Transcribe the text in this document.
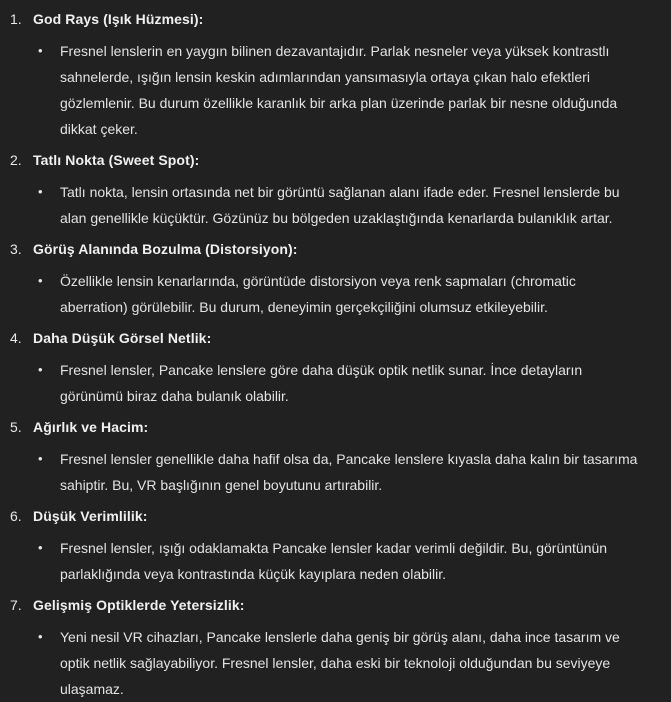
1. God Rays (Işık Hüzmesi):
•	Fresnel lenslerin en yaygın bilinen dezavantajıdır. Parlak nesneler veya yüksek kontrastlı sahnelerde, ışığın lensin keskin adımlarından yansımasıyla ortaya çıkan halo efektleri gözlemlenir. Bu durum özellikle karanlık bir arka plan üzerinde parlak bir nesne olduğunda dikkat çeker.
2. Tatlı Nokta (Sweet Spot):
•	Tatlı nokta, lensin ortasında net bir görüntü sağlanan alanı ifade eder. Fresnel lenslerde bu alan genellikle küçüktür. Gözünüz bu bölgeden uzaklaştığında kenarlarda bulanıklık artar.
3. Görüş Alanında Bozulma (Distorsiyon):
•	Özellikle lensin kenarlarında, görüntüde distorsiyon veya renk sapmaları (chromatic aberration) görülebilir. Bu durum, deneyimin gerçekçiliğini olumsuz etkileyebilir.
4. Daha Düşük Görsel Netlik:
•	Fresnel lensler, Pancake lenslere göre daha düşük optik netlik sunar. İnce detayların görünümü biraz daha bulanık olabilir.
5. Ağırlık ve Hacim:
•	Fresnel lensler genellikle daha hafif olsa da, Pancake lenslere kıyasla daha kalın bir tasarıma sahiptir. Bu, VR başlığının genel boyutunu artırabilir.
6. Düşük Verimlilik:
•	Fresnel lensler, ışığı odaklamakta Pancake lensler kadar verimli değildir. Bu, görüntünün parlaklığında veya kontrastında küçük kayıplara neden olabilir.
7. Gelişmiş Optiklerde Yetersizlik:
•	Yeni nesil VR cihazları, Pancake lenslerle daha geniş bir görüş alanı, daha ince tasarım ve optik netlik sağlayabiliyor. Fresnel lensler, daha eski bir teknoloji olduğundan bu seviyeye ulaşamaz.
